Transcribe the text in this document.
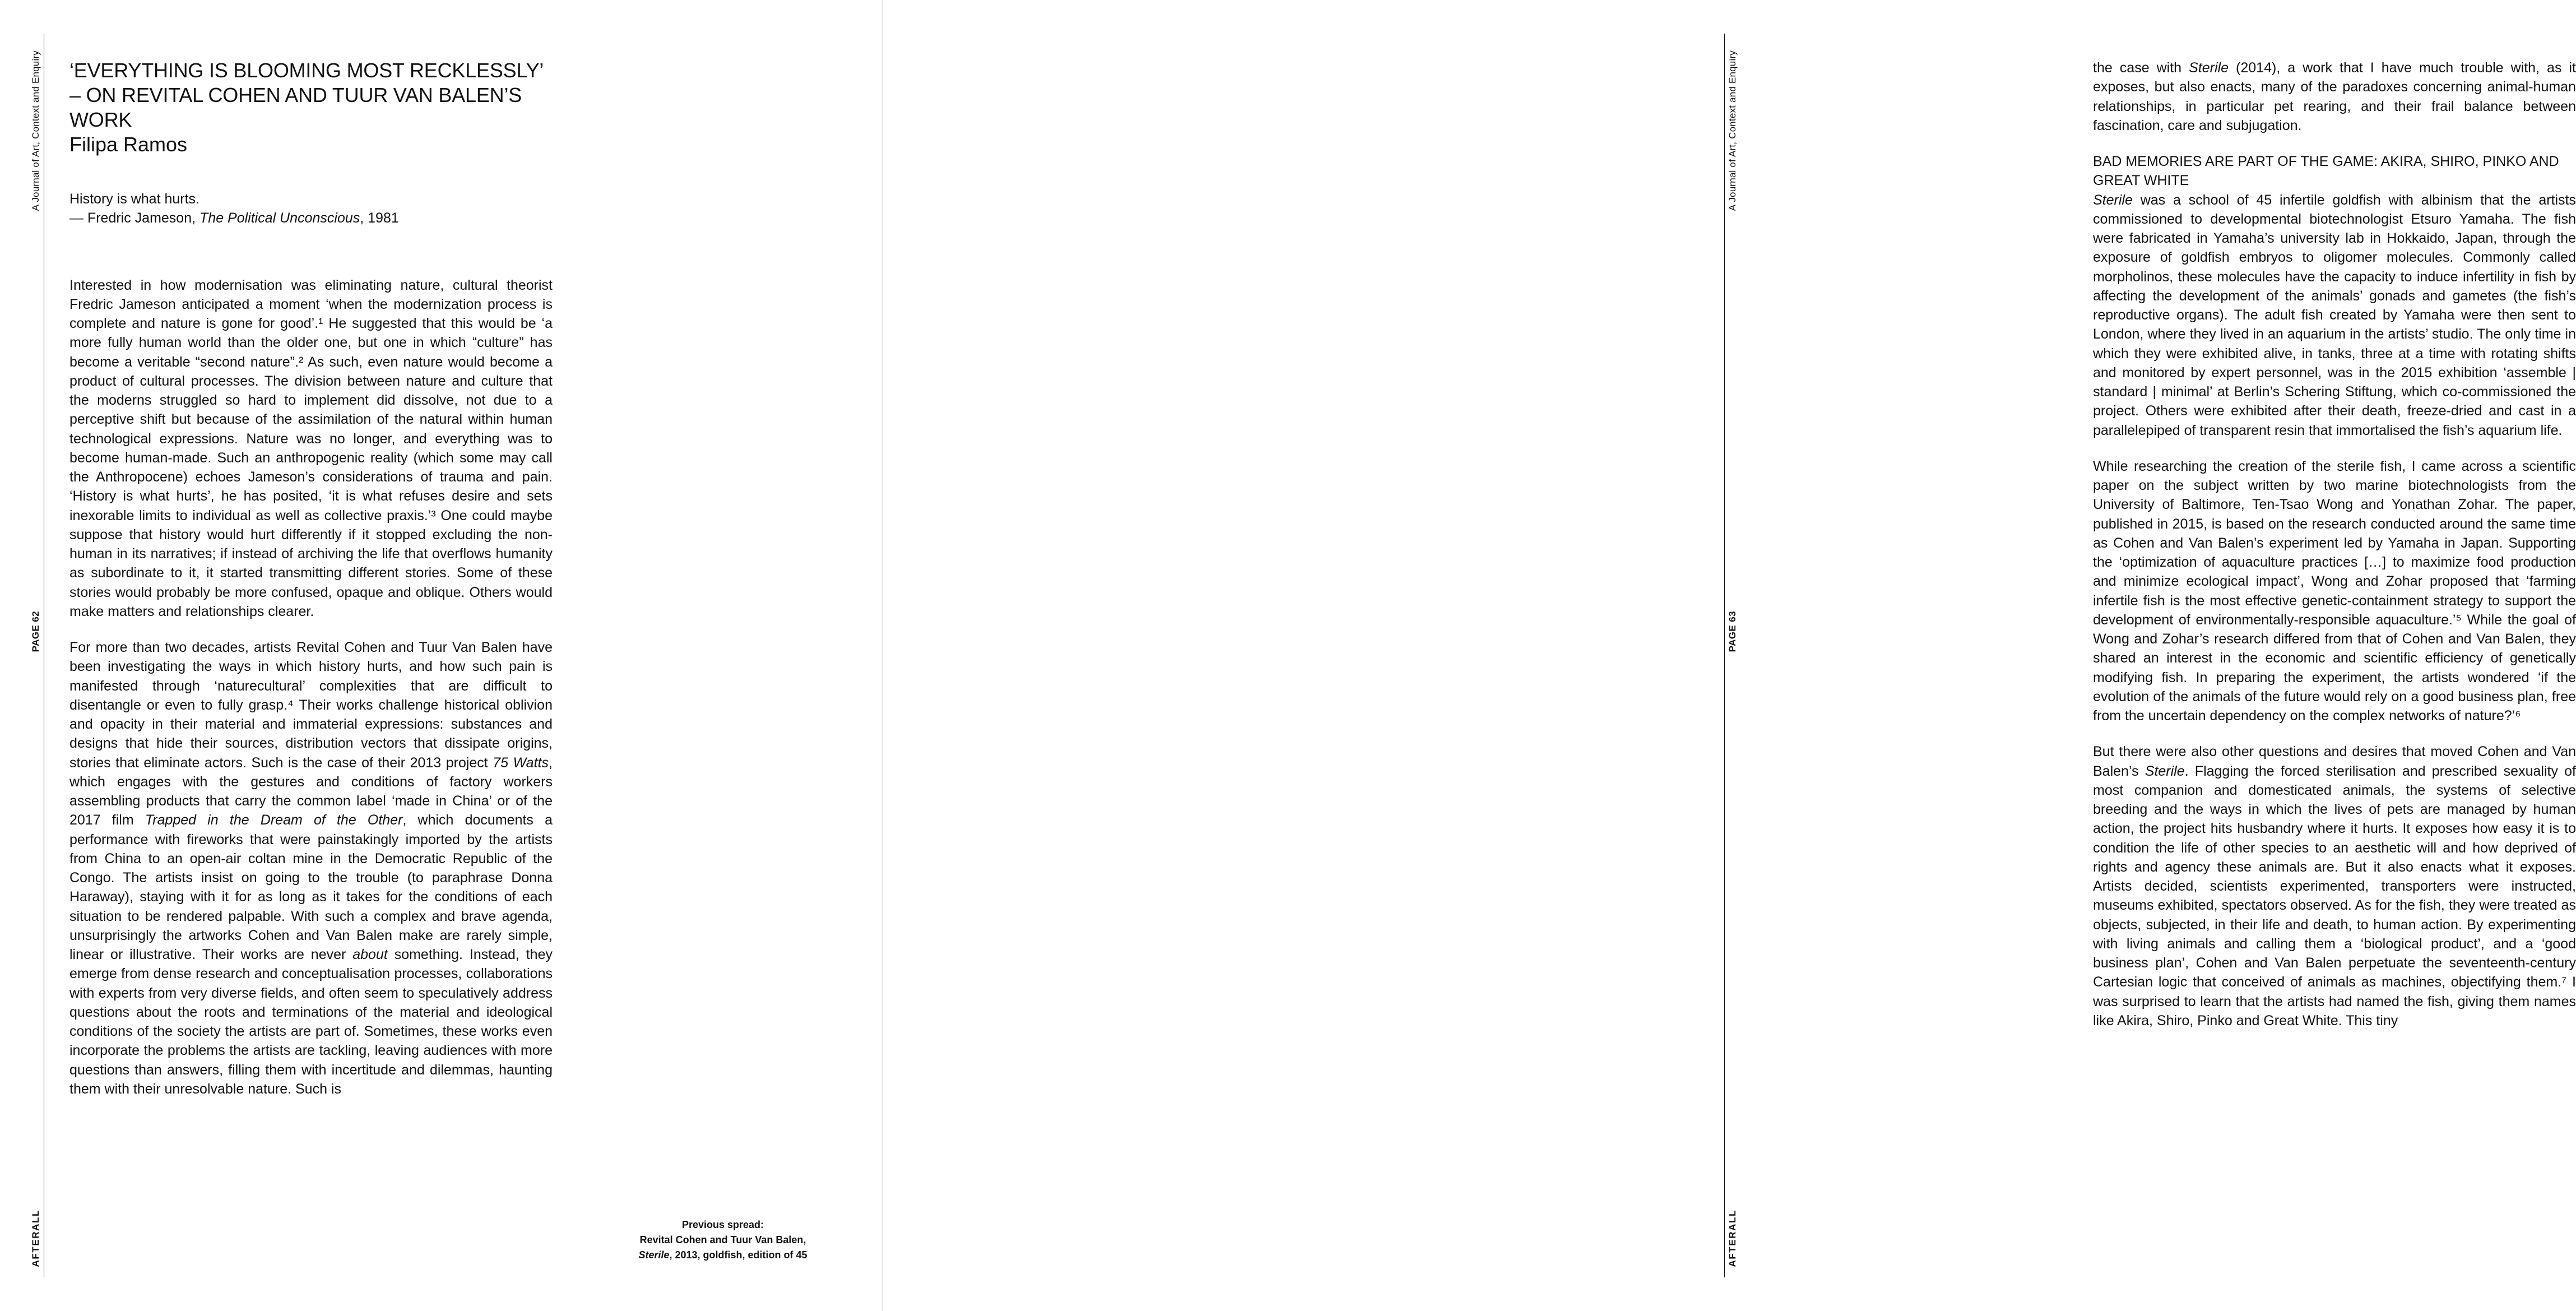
A Journal of Art, Context and Enquiry
PAGE 62
AFTERALL
‘EVERYTHING IS BLOOMING MOST RECKLESSLY’ – ON REVITAL COHEN AND TUUR VAN BALEN’S WORK

Filipa Ramos

History is what hurts.
— Fredric Jameson, The Political Unconscious, 1981

Interested in how modernisation was eliminating nature, cultural theorist Fredric Jameson anticipated a moment ‘when the modernization process is complete and nature is gone for good’.¹ He suggested that this would be ‘a more fully human world than the older one, but one in which “culture” has become a veritable “second nature”.² As such, even nature would become a product of cultural processes. The division between nature and culture that the moderns struggled so hard to implement did dissolve, not due to a perceptive shift but because of the assimilation of the natural within human technological expressions. Nature was no longer, and everything was to become human-made. Such an anthropogenic reality (which some may call the Anthropocene) echoes Jameson’s considerations of trauma and pain. ‘History is what hurts’, he has posited, ‘it is what refuses desire and sets inexorable limits to individual as well as collective praxis.’³ One could maybe suppose that history would hurt differently if it stopped excluding the non-human in its narratives; if instead of archiving the life that overflows humanity as subordinate to it, it started transmitting different stories. Some of these stories would probably be more confused, opaque and oblique. Others would make matters and relationships clearer.

For more than two decades, artists Revital Cohen and Tuur Van Balen have been investigating the ways in which history hurts, and how such pain is manifested through ‘naturecultural’ complexities that are difficult to disentangle or even to fully grasp.⁴ Their works challenge historical oblivion and opacity in their material and immaterial expressions: substances and designs that hide their sources, distribution vectors that dissipate origins, stories that eliminate actors. Such is the case of their 2013 project 75 Watts, which engages with the gestures and conditions of factory workers assembling products that carry the common label ‘made in China’ or of the 2017 film Trapped in the Dream of the Other, which documents a performance with fireworks that were painstakingly imported by the artists from China to an open-air coltan mine in the Democratic Republic of the Congo. The artists insist on going to the trouble (to paraphrase Donna Haraway), staying with it for as long as it takes for the conditions of each situation to be rendered palpable. With such a complex and brave agenda, unsurprisingly the artworks Cohen and Van Balen make are rarely simple, linear or illustrative. Their works are never about something. Instead, they emerge from dense research and conceptualisation processes, collaborations with experts from very diverse fields, and often seem to speculatively address questions about the roots and terminations of the material and ideological conditions of the society the artists are part of. Sometimes, these works even incorporate the problems the artists are tackling, leaving audiences with more questions than answers, filling them with incertitude and dilemmas, haunting them with their unresolvable nature. Such is

Previous spread:
Revital Cohen and Tuur Van Balen,
Sterile, 2013, goldfish, edition of 45
A Journal of Art, Context and Enquiry
PAGE 63
AFTERALL

the case with Sterile (2014), a work that I have much trouble with, as it exposes, but also enacts, many of the paradoxes concerning animal-human relationships, in particular pet rearing, and their frail balance between fascination, care and subjugation.

BAD MEMORIES ARE PART OF THE GAME: AKIRA, SHIRO, PINKO AND GREAT WHITE

Sterile was a school of 45 infertile goldfish with albinism that the artists commissioned to developmental biotechnologist Etsuro Yamaha. The fish were fabricated in Yamaha’s university lab in Hokkaido, Japan, through the exposure of goldfish embryos to oligomer molecules. Commonly called morpholinos, these molecules have the capacity to induce infertility in fish by affecting the development of the animals’ gonads and gametes (the fish’s reproductive organs). The adult fish created by Yamaha were then sent to London, where they lived in an aquarium in the artists’ studio. The only time in which they were exhibited alive, in tanks, three at a time with rotating shifts and monitored by expert personnel, was in the 2015 exhibition ‘assemble | standard | minimal’ at Berlin’s Schering Stiftung, which co-commissioned the project. Others were exhibited after their death, freeze-dried and cast in a parallelepiped of transparent resin that immortalised the fish’s aquarium life.

While researching the creation of the sterile fish, I came across a scientific paper on the subject written by two marine biotechnologists from the University of Baltimore, Ten-Tsao Wong and Yonathan Zohar. The paper, published in 2015, is based on the research conducted around the same time as Cohen and Van Balen’s experiment led by Yamaha in Japan. Supporting the ‘optimization of aquaculture practices […] to maximize food production and minimize ecological impact’, Wong and Zohar proposed that ‘farming infertile fish is the most effective genetic-containment strategy to support the development of environmentally-responsible aquaculture.’⁵ While the goal of Wong and Zohar’s research differed from that of Cohen and Van Balen, they shared an interest in the economic and scientific efficiency of genetically modifying fish. In preparing the experiment, the artists wondered ‘if the evolution of the animals of the future would rely on a good business plan, free from the uncertain dependency on the complex networks of nature?’⁶

But there were also other questions and desires that moved Cohen and Van Balen’s Sterile. Flagging the forced sterilisation and prescribed sexuality of most companion and domesticated animals, the systems of selective breeding and the ways in which the lives of pets are managed by human action, the project hits husbandry where it hurts. It exposes how easy it is to condition the life of other species to an aesthetic will and how deprived of rights and agency these animals are. But it also enacts what it exposes. Artists decided, scientists experimented, transporters were instructed, museums exhibited, spectators observed. As for the fish, they were treated as objects, subjected, in their life and death, to human action. By experimenting with living animals and calling them a ‘biological product’, and a ‘good business plan’, Cohen and Van Balen perpetuate the seventeenth-century Cartesian logic that conceived of animals as machines, objectifying them.⁷ I was surprised to learn that the artists had named the fish, giving them names like Akira, Shiro, Pinko and Great White. This tiny
